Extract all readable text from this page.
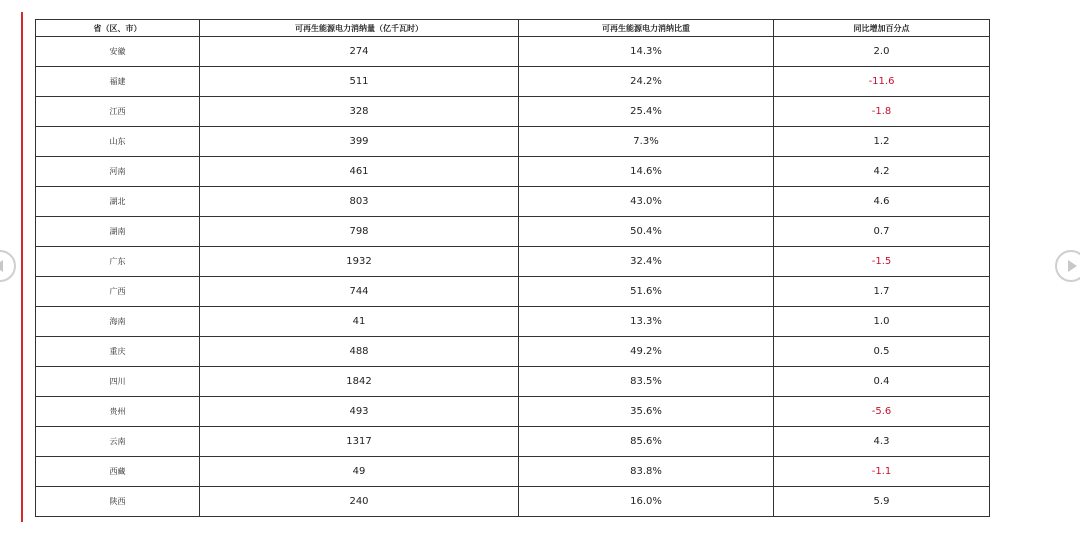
省（区、市）	可再生能源电力消纳量（亿千瓦时）	可再生能源电力消纳比重	同比增加百分点
安徽	274	14.3%	2.0
福建	511	24.2%	-11.6
江西	328	25.4%	-1.8
山东	399	7.3%	1.2
河南	461	14.6%	4.2
湖北	803	43.0%	4.6
湖南	798	50.4%	0.7
广东	1932	32.4%	-1.5
广西	744	51.6%	1.7
海南	41	13.3%	1.0
重庆	488	49.2%	0.5
四川	1842	83.5%	0.4
贵州	493	35.6%	-5.6
云南	1317	85.6%	4.3
西藏	49	83.8%	-1.1
陕西	240	16.0%	5.9
